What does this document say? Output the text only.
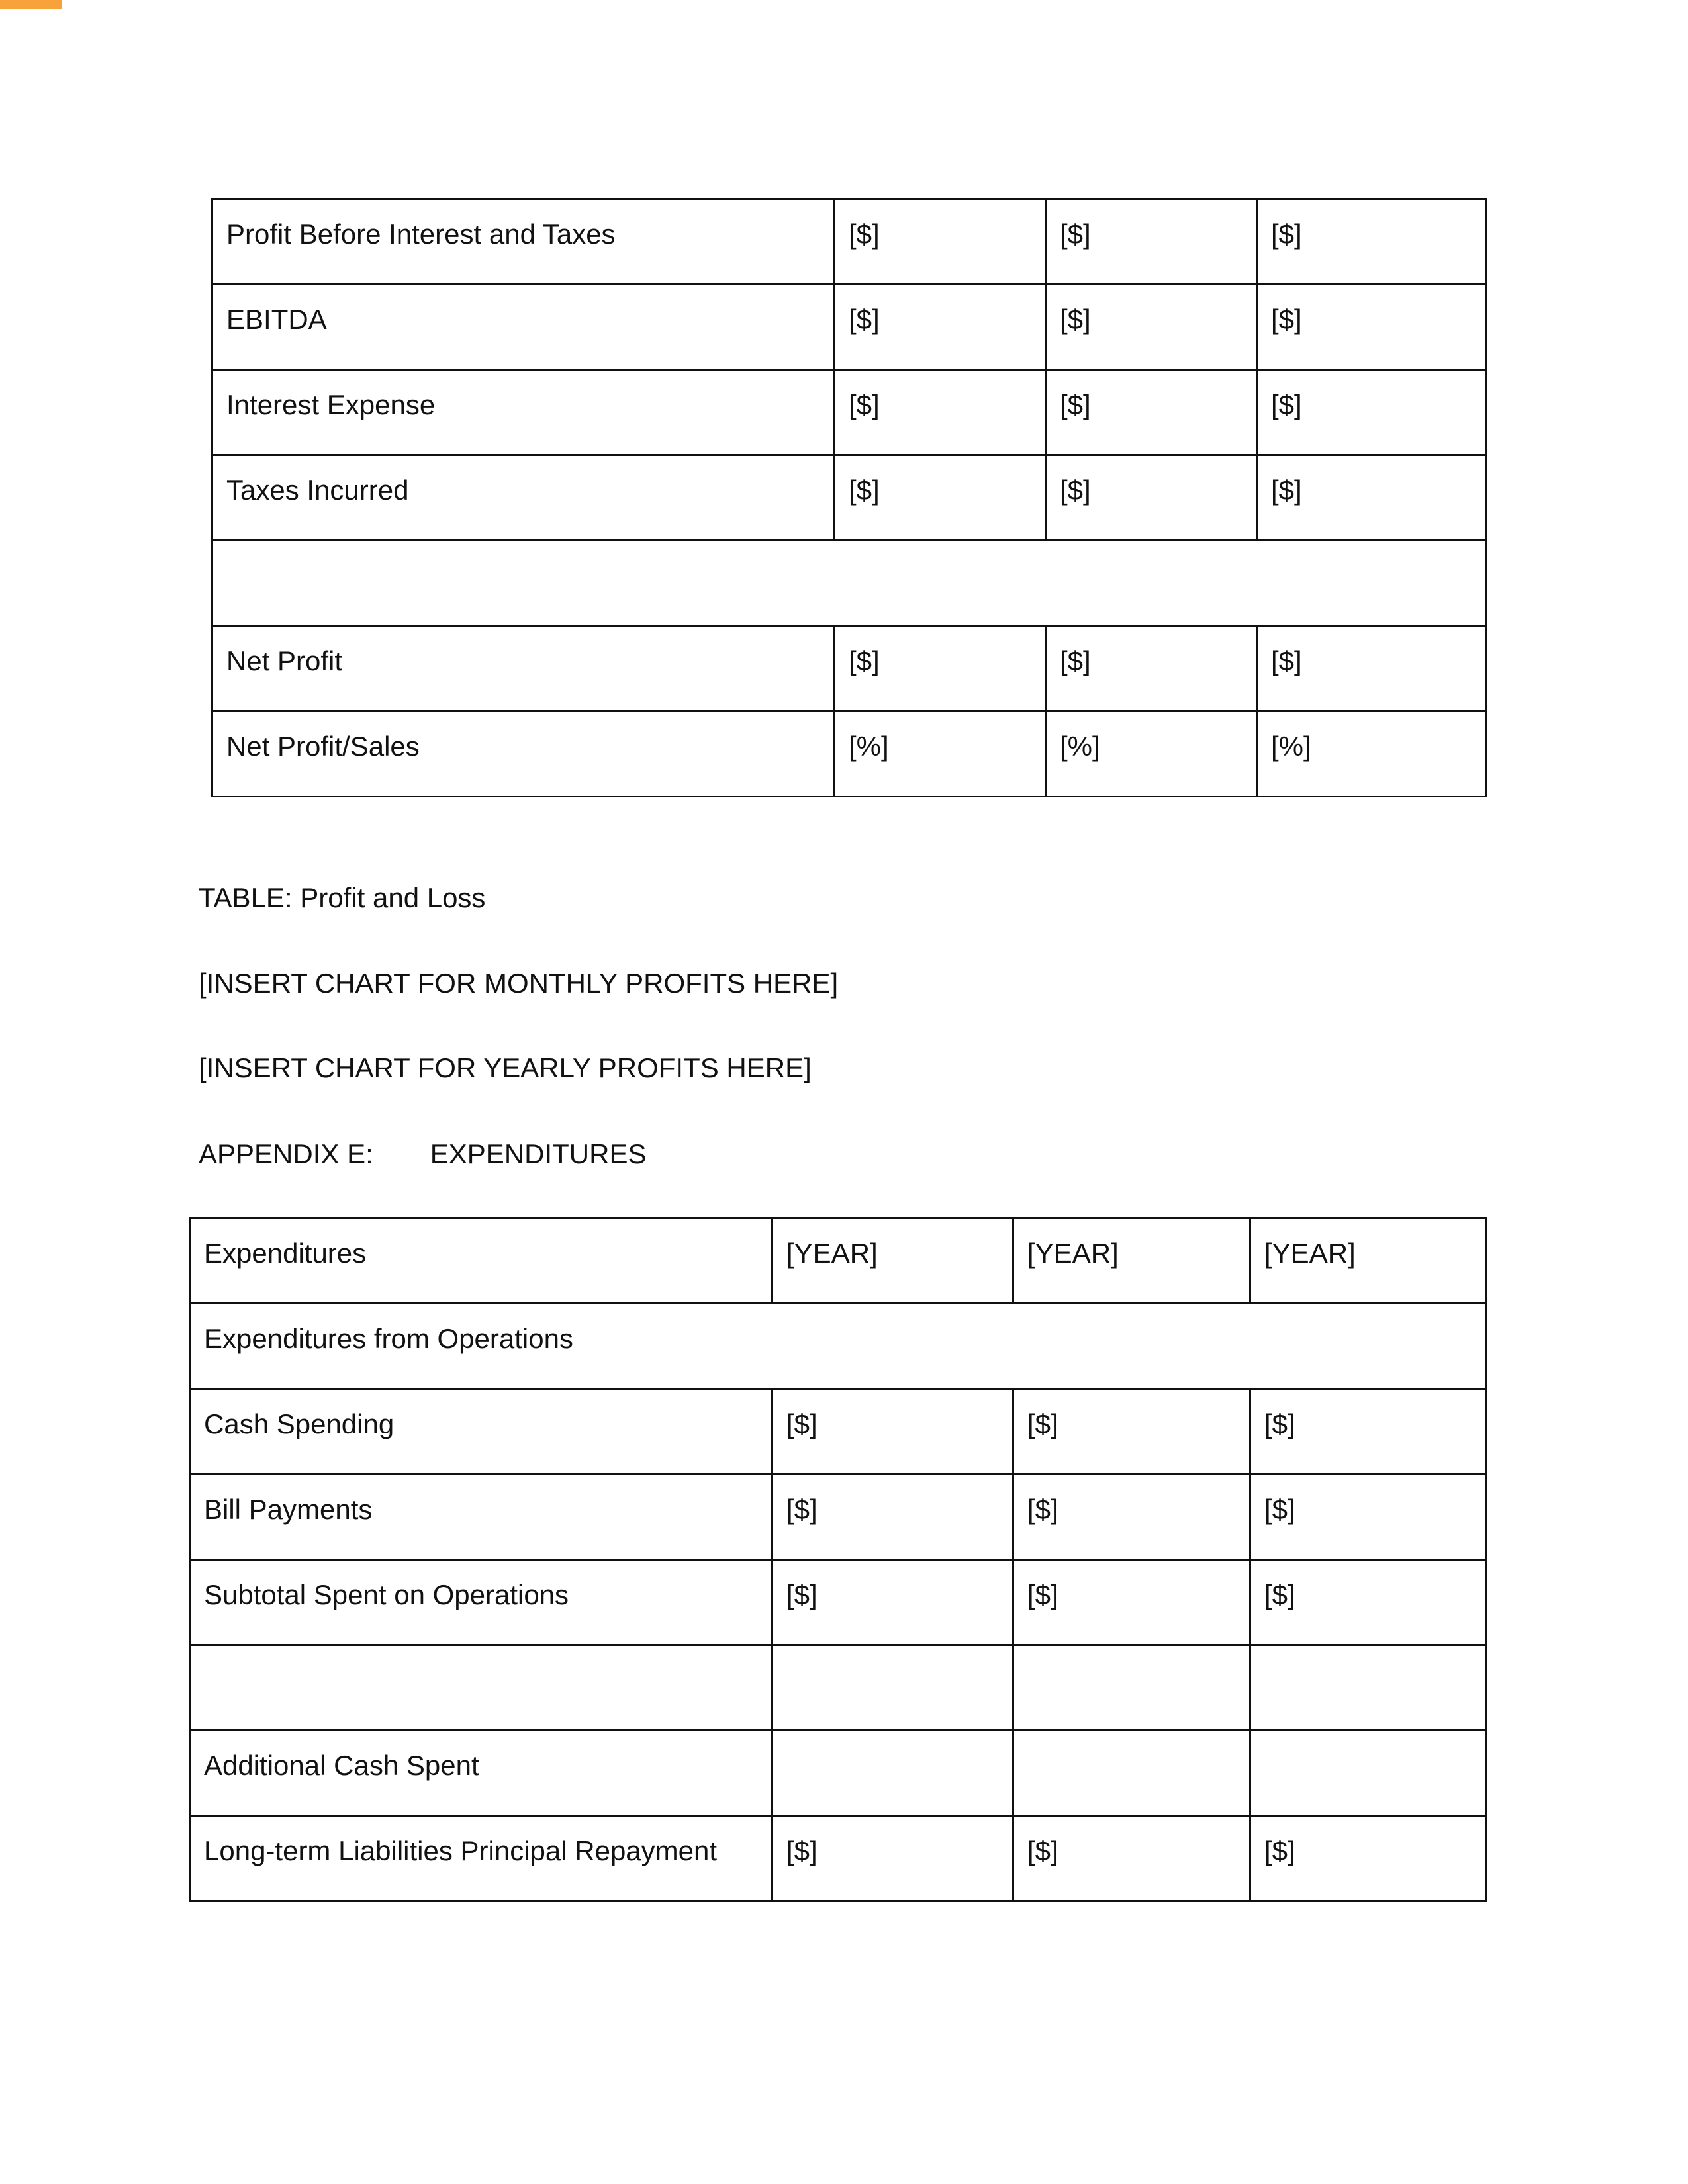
Profit Before Interest and Taxes	[$]	[$]	[$]

EBITDA	[$]	[$]	[$]

Interest Expense	[$]	[$]	[$]

Taxes Incurred	[$]	[$]	[$]

Net Profit	[$]	[$]	[$]

Net Profit/Sales	[%]	[%]	[%]

TABLE: Profit and Loss

[INSERT CHART FOR MONTHLY PROFITS HERE]

[INSERT CHART FOR YEARLY PROFITS HERE]

APPENDIX E: EXPENDITURES

Expenditures	[YEAR]	[YEAR]	[YEAR]

Expenditures from Operations			

Cash Spending	[$]	[$]	[$]

Bill Payments	[$]	[$]	[$]

Subtotal Spent on Operations	[$]	[$]	[$]

Additional Cash Spent			

Long-term Liabilities Principal Repayment	[$]	[$]	[$]
